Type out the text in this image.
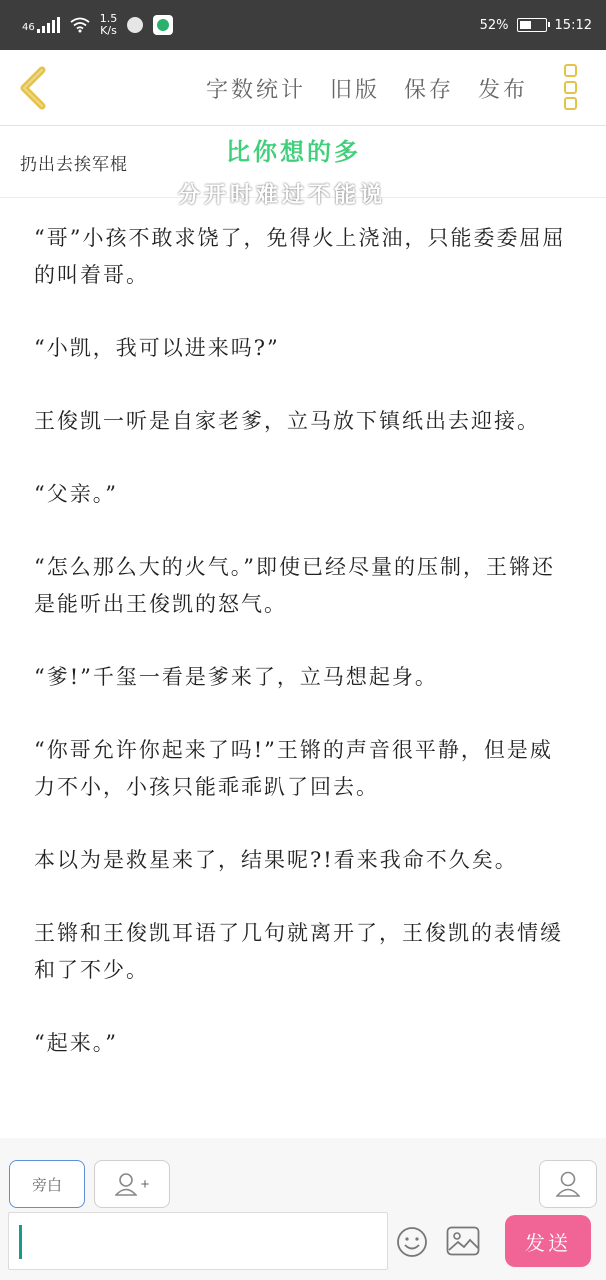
46
1.5
K/s	52%	15:12
字数统计 旧版 保存 发布
扔出去挨军棍	比你想的多
分开时难过不能说

“哥”小孩不敢求饶了，免得火上浇油，只能委委屈屈的叫着哥。

“小凯，我可以进来吗?”

王俊凯一听是自家老爹，立马放下镇纸出去迎接。

“父亲。”

“怎么那么大的火气。”即使已经尽量的压制，王锵还是能听出王俊凯的怒气。

“爹!”千玺一看是爹来了，立马想起身。

“你哥允许你起来了吗!”王锵的声音很平静，但是威力不小，小孩只能乖乖趴了回去。

本以为是救星来了，结果呢?!看来我命不久矣。

王锵和王俊凯耳语了几句就离开了，王俊凯的表情缓和了不少。

“起来。”

旁白	+
发送
